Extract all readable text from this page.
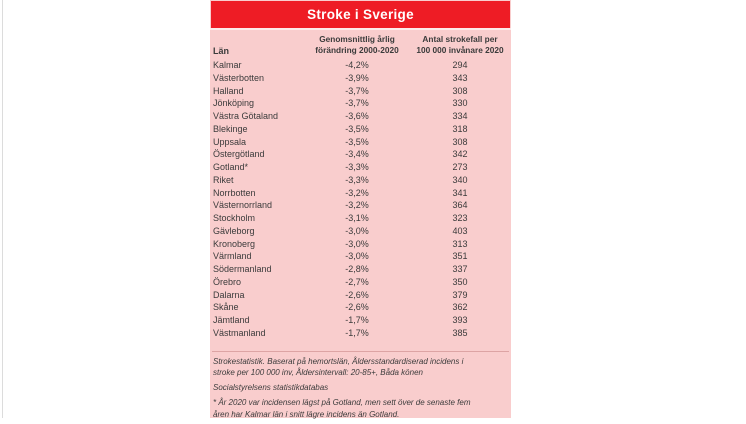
Stroke i Sverige
Län
Genomsnittlig årlig
förändring 2000-2020
Antal strokefall per
100 000 invånare 2020
Kalmar	-4,2%	294
Västerbotten	-3,9%	343
Halland	-3,7%	308
Jönköping	-3,7%	330
Västra Götaland	-3,6%	334
Blekinge	-3,5%	318
Uppsala	-3,5%	308
Östergötland	-3,4%	342
Gotland*	-3,3%	273
Riket	-3,3%	340
Norrbotten	-3,2%	341
Västernorrland	-3,2%	364
Stockholm	-3,1%	323
Gävleborg	-3,0%	403
Kronoberg	-3,0%	313
Värmland	-3,0%	351
Södermanland	-2,8%	337
Örebro	-2,7%	350
Dalarna	-2,6%	379
Skåne	-2,6%	362
Jämtland	-1,7%	393
Västmanland	-1,7%	385

Strokestatistik. Baserat på hemortslän, Åldersstandardiserad incidens i stroke per 100 000 inv, Åldersintervall: 20-85+, Båda könen

Socialstyrelsens statistikdatabas

* År 2020 var incidensen lägst på Gotland, men sett över de senaste fem åren har Kalmar län i snitt lägre incidens än Gotland.
